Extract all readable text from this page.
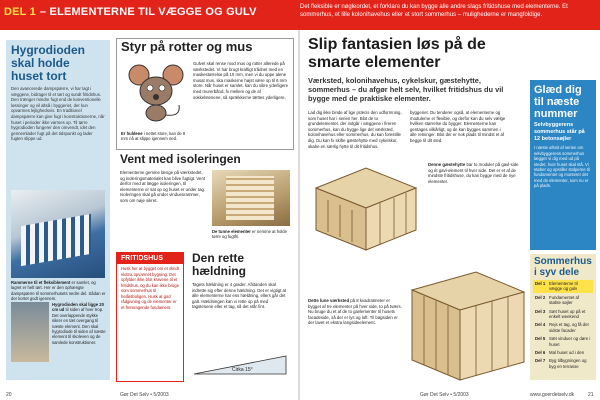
DEL 1 – ELEMENTERNE TIL VÆGGE OG GULV	Det fleksible er nøgleordet, et forklare du kan bygge alle andre slags fritidshuse med elementerne. Et sommerhus, et lille kolonihavehus eller et stort sommerhus – mulighederne er mangfoldige.
Hygrodioden skal holde huset tort
Den avancerede dampspærre, vi har lagt i væggene, bidrager til et tørt og sundt fritidshus. Den trænger mindre fugt end de konventionelle løsninger og vil altså i byggeriet, der kun opvarmes lejlighedsvis. En traditionel dampspærre kan give fugt i konstruktionerne, når huset i perioder ikke varmes op. Til tørre hygrodioden fungerer den omvendt, idet den gennemlader fugt på det tidspunkt og lader fugten slippe ud.
Rammerne til et fleksiblement er samlet, og lagret er helt tørt. Her er den ophængte dampspærre til sommerhusets nedre del. Sådan er der kortet godt igennem.
Hygrodioden skal ligge 20 cm ud til siden af hver trop. Det overlappende stykke sikrer en tæt overgang til næste element. Den skal hygrodiode til siden af næste element til skoleven og de samlede konstruktioner.
Styr på rotter og mus
Er huldene i nettet store, kan de 8 mm nå at slippe igennem ned.
Gulvet skal rense mod mus og rotter allerede på værkstedet. Vi har brugt kraftigt trådnet med en maskestørrelse på 10 mm, men vi du oppe alene musat mus, ska maskerne højst være op til 6 mm store. Når huset er samlet, kan du sikre yderligere med murerbånd, fx mellem og de af sokkelstenene, så sprækkerne tættes yderligere.
Vent med isoleringen
Elementerne gemme længe på værkstedet, og isoleringsmaterialet kan blive fugtigt. Vent derfor med at lægge isoleringen, til elementerne er sat op og huset er under tag. Isoleringen skal gå under vinduesrammer, som om nøje sikret.
De tunne elementer er nemme at holde tørre og fugtfri.
FRITIDSHUS
Husk her at bygget om et skridt ekstra opvarmet bygning. Det opfylder ikke blot kravene til et fritidshus, og du kan ikke bruge som sommerhus til helårsboligen. Husk at god rådgivning og de elementer er et fremragende fundament.
Den rette hældning
Tagets hældning er 4 grader. Afstanden skal indrette sig efter denne hældning. Det er vigtigt at alle elementerne har ens hældning, ellers går det galt. Hældningen kan vi rette op på med tagstenene eller et tag, så det står fint.
Cirka 15°
20	Gør Det Selv • 5/2003
Slip fantasien løs på de smarte elementer
Værksted, kolonihavehus, cykelskur, gæstehytte, sommerhus – du afgør helt selv, hvilket fritidshus du vil bygge med de praktiske elementer.
Lad dig ikke binde af lige præcis den udformning, som huset har i serien her. Blot de to grundelementer, der indgår i væggene i fireren sommerhus, kan du bygge lige det værksted, kolonihavehus eller sommerhus, du kan forestille dig. Du kan fx skifte gæstehytte med cykelskur, skabe en særlig hytte til dit fritidshus.
byggeriet. Du tenderer også, at elementerne og modulerne er flexible, og derfor kan du selv vælge hvilken størrelse du bygger. Elementerne kan gentages vilkårligt, og de kan bygges sammen i alle retninger. Blot der er nok plads til mindst et af begge til dit sted.
Denne gæstehytte bar to moduler på gavl-side og ét gavl-element til hver side. Det er et af de mindste fritidshuse, du kan bygge med de nye elementer.
Dette lune værksted på 8 kvadratmeter er bygget af tre elementer på hver side, to på tværs. Nu bruge du et af de to gavlementer til husets facadeside, så der er lys og luft. Til bagsiden er der lavet et ekstra langsideelement.
Glæd dig til næste nummer
Selvbyggerens sommerhus står på 12 betonsøjler
I næste afsnit af serien om selvbyggerens sommerhus lægger vi dig med ud på stedet, hvor huset skal stå. Vi støber og opstiller stolperne til fundamentet og monterer det med de elementer, som nu er på plads.
Sommerhus i syv dele
Del 1 Elementerne til vægge og gulv
Del 2 Fundamentet af støbte søjler
Del 3 Sæt huset op på et enkelt weekend
Del 4 Rejs et tag, og få det sidste facader
Del 5 Sæt vinduer og døre i huset
Del 6 Mal huset ud i den
Del 7 Byg tilbygningen og byg en terrasse
Gør Det Selv • 5/2003	www.goerdetselv.dk	21
